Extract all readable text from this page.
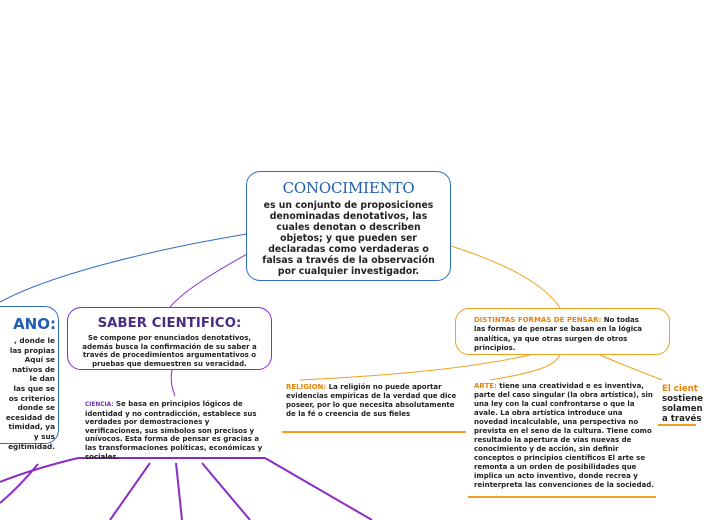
CONOCIMIENTO
es un conjunto de proposiciones denominadas denotativos, las cuales denotan o describen objetos; y que pueden ser declaradas como verdaderas o falsas a través de la observación por cualquier investigador.
ANO:
, donde le
las propias
Aquí se
nativos de
le dan
las que se
os criterios
donde se
ecesidad de
timidad, ya
y sus
egitimidad.
SABER CIENTIFICO:
Se compone por enunciados denotativos, además busca la confirmación de su saber a través de procedimientos argumentativos o pruebas que demuestren su veracidad.
CIENCIA: Se basa en principios lógicos de identidad y no contradicción, establece sus verdades por demostraciones y verificaciones, sus símbolos son precisos y unívocos. Esta forma de pensar es gracias a las transformaciones políticas, económicas y sociales.
DISTINTAS FORMAS DE PENSAR: No todas las formas de pensar se basan en la lógica analítica, ya que otras surgen de otros principios.
RELIGION: La religión no puede aportar evidencias empíricas de la verdad que dice poseer, por lo que necesita absolutamente de la fé o creencia de sus fieles
ARTE: tiene una creatividad e es inventiva, parte del caso singular (la obra artística), sin una ley con la cual confrontarse o que la avale. La obra artística introduce una novedad incalculable, una perspectiva no prevista en el seno de la cultura. Tiene como resultado la apertura de vías nuevas de conocimiento y de acción, sin definir conceptos o principios científicos El arte se remonta a un orden de posibilidades que implica un acto inventivo, donde recrea y reinterpreta las convenciones de la sociedad.
El cient
sostiene
solamen
a través
